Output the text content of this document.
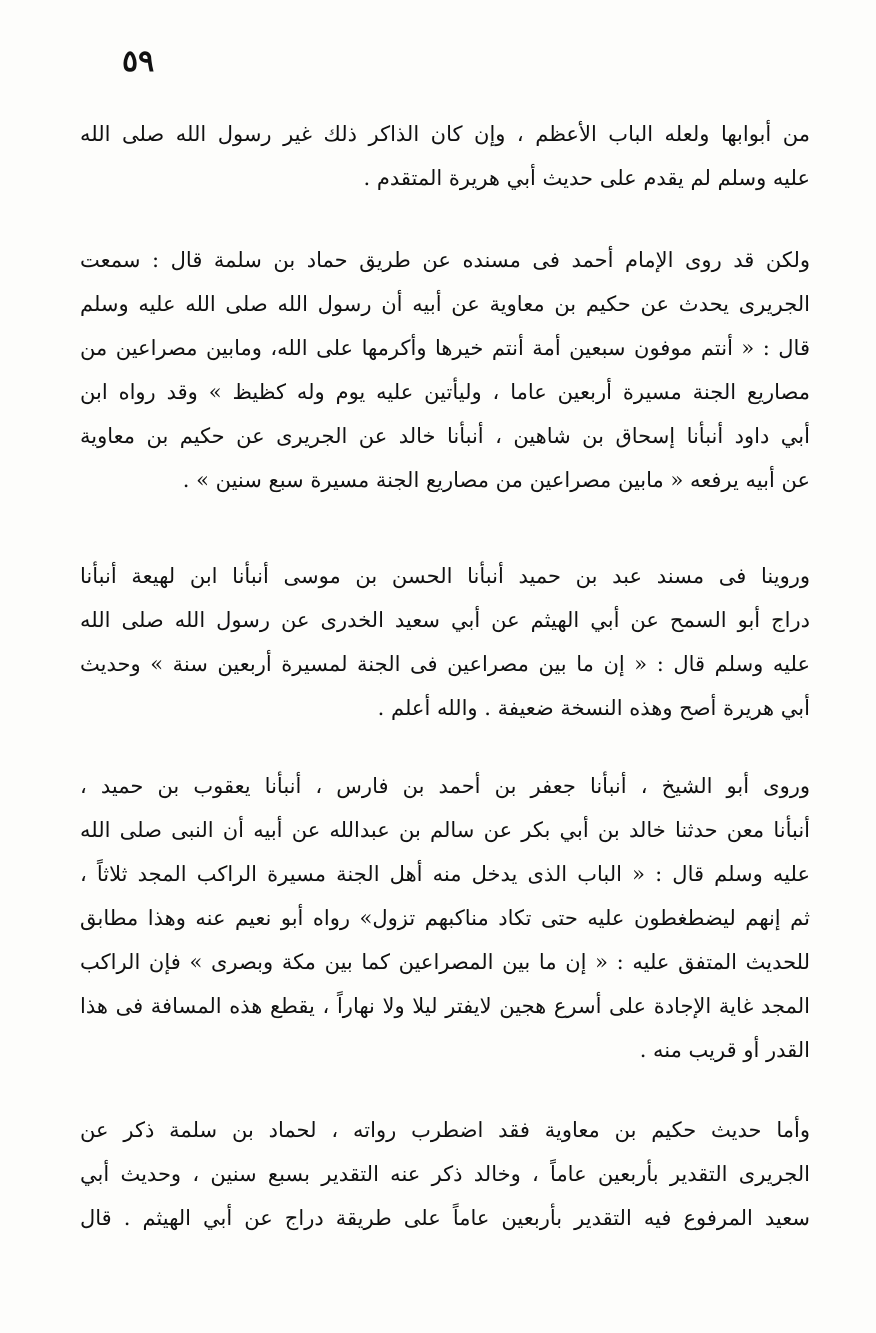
٥٩
من أبوابها ولعله الباب الأعظم ، وإن كان الذاكر ذلك غير رسول الله صلى الله
عليه وسلم لم يقدم على حديث أبي هريرة المتقدم .
ولكن قد روى الإمام أحمد فى مسنده عن طريق حماد بن سلمة قال : سمعت
الجريرى يحدث عن حكيم بن معاوية عن أبيه أن رسول الله صلى الله عليه وسلم
قال : « أنتم موفون سبعين أمة أنتم خيرها وأكرمها على الله، ومابين مصراعين من
مصاريع الجنة مسيرة أربعين عاما ، وليأتين عليه يوم وله كظيظ » وقد رواه ابن
أبي داود أنبأنا إسحاق بن شاهين ، أنبأنا خالد عن الجريرى عن حكيم بن معاوية
عن أبيه يرفعه « مابين مصراعين من مصاريع الجنة مسيرة سبع سنين » .
وروينا فى مسند عبد بن حميد أنبأنا الحسن بن موسى أنبأنا ابن لهيعة أنبأنا
دراج أبو السمح عن أبي الهيثم عن أبي سعيد الخدرى عن رسول الله صلى الله
عليه وسلم قال : « إن ما بين مصراعين فى الجنة لمسيرة أربعين سنة » وحديث
أبي هريرة أصح وهذه النسخة ضعيفة . والله أعلم .
وروى أبو الشيخ ، أنبأنا جعفر بن أحمد بن فارس ، أنبأنا يعقوب بن حميد ،
أنبأنا معن حدثنا خالد بن أبي بكر عن سالم بن عبدالله عن أبيه أن النبى صلى الله
عليه وسلم قال : « الباب الذى يدخل منه أهل الجنة مسيرة الراكب المجد ثلاثاً ،
ثم إنهم ليضطغطون عليه حتى تكاد مناكبهم تزول» رواه أبو نعيم عنه وهذا مطابق
للحديث المتفق عليه : « إن ما بين المصراعين كما بين مكة وبصرى » فإن الراكب
المجد غاية الإجادة على أسرع هجين لايفتر ليلا ولا نهاراً ، يقطع هذه المسافة فى هذا
القدر أو قريب منه .
وأما حديث حكيم بن معاوية فقد اضطرب رواته ، لحماد بن سلمة ذكر عن
الجريرى التقدير بأربعين عاماً ، وخالد ذكر عنه التقدير بسبع سنين ، وحديث أبي
سعيد المرفوع فيه التقدير بأربعين عاماً على طريقة دراج عن أبي الهيثم . قال
